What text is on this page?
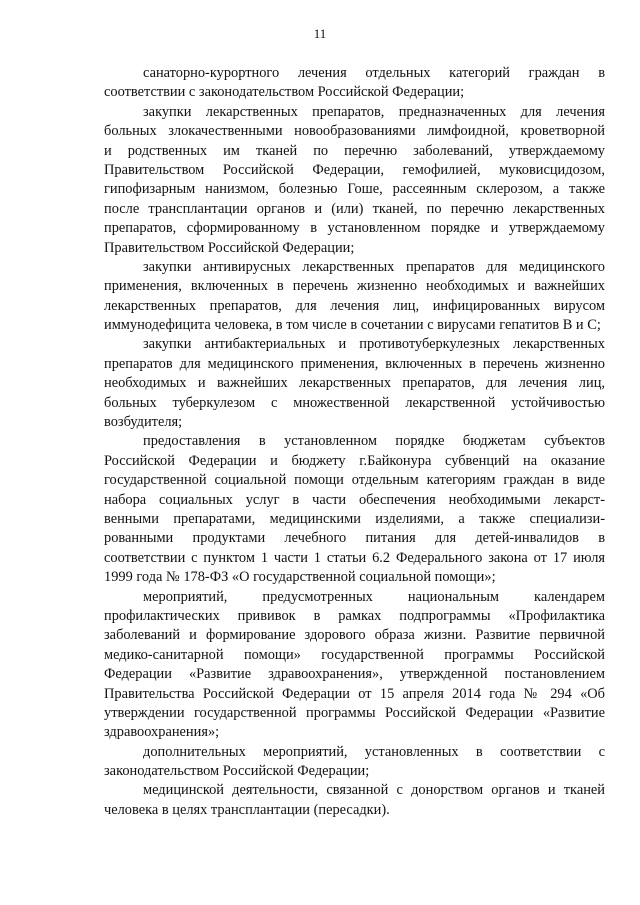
11
санаторно-курортного лечения отдельных категорий граждан в
соответствии с законодательством Российской Федерации;
закупки лекарственных препаратов, предназначенных для лечения
больных злокачественными новообразованиями лимфоидной, кроветворной
и родственных им тканей по перечню заболеваний, утверждаемому
Правительством Российской Федерации, гемофилией, муковисцидозом,
гипофизарным нанизмом, болезнью Гоше, рассеянным склерозом, а также
после трансплантации органов и (или) тканей, по перечню лекарственных
препаратов, сформированному в установленном порядке и утверждаемому
Правительством Российской Федерации;
закупки антивирусных лекарственных препаратов для медицинского
применения, включенных в перечень жизненно необходимых и важнейших
лекарственных препаратов, для лечения лиц, инфицированных вирусом
иммунодефицита человека, в том числе в сочетании с вирусами гепатитов В и С;
закупки антибактериальных и противотуберкулезных лекарственных
препаратов для медицинского применения, включенных в перечень жизненно
необходимых и важнейших лекарственных препаратов, для лечения лиц,
больных туберкулезом с множественной лекарственной устойчивостью
возбудителя;
предоставления в установленном порядке бюджетам субъектов
Российской Федерации и бюджету г.Байконура субвенций на оказание
государственной социальной помощи отдельным категориям граждан в виде
набора социальных услуг в части обеспечения необходимыми лекарст-
венными препаратами, медицинскими изделиями, а также специализи-
рованными продуктами лечебного питания для детей-инвалидов в
соответствии с пунктом 1 части 1 статьи 6.2 Федерального закона от 17 июля
1999 года № 178-ФЗ «О государственной социальной помощи»;
мероприятий, предусмотренных национальным календарем
профилактических прививок в рамках подпрограммы «Профилактика
заболеваний и формирование здорового образа жизни. Развитие первичной
медико-санитарной помощи» государственной программы Российской
Федерации «Развитие здравоохранения», утвержденной постановлением
Правительства Российской Федерации от 15 апреля 2014 года № 294 «Об
утверждении государственной программы Российской Федерации «Развитие
здравоохранения»;
дополнительных мероприятий, установленных в соответствии с
законодательством Российской Федерации;
медицинской деятельности, связанной с донорством органов и тканей
человека в целях трансплантации (пересадки).
